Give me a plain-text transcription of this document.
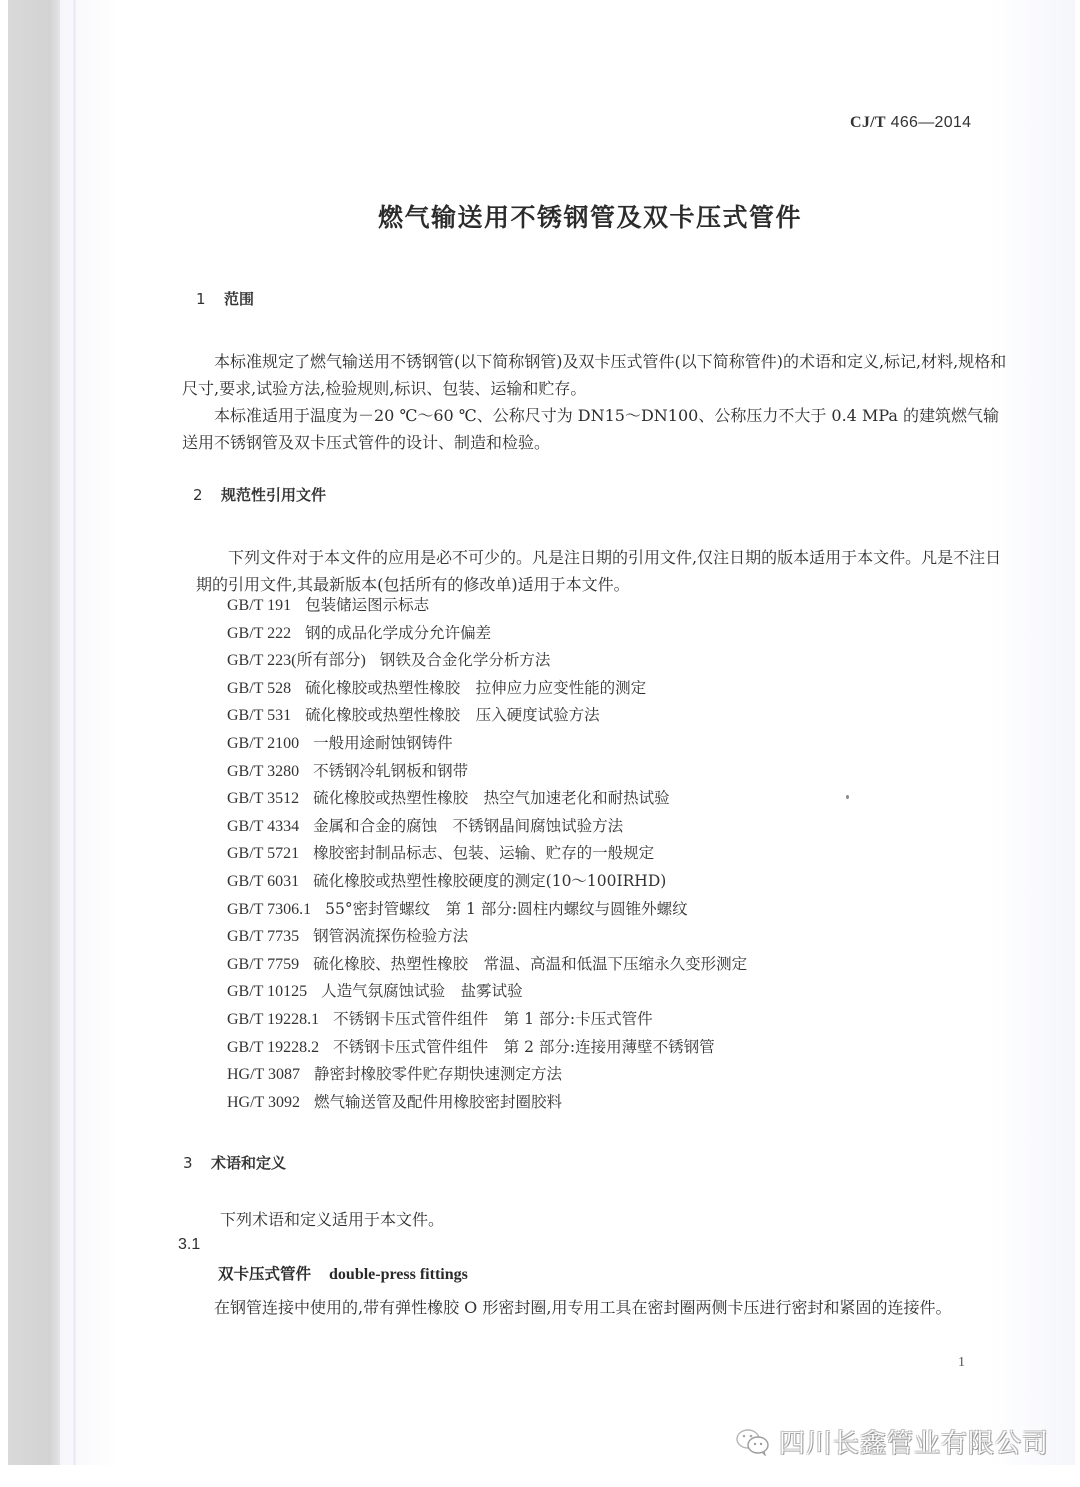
CJ/T 466—2014
燃气输送用不锈钢管及双卡压式管件
1 范围

本标准规定了燃气输送用不锈钢管(以下简称钢管)及双卡压式管件(以下简称管件)的术语和定义,标记,材料,规格和尺寸,要求,试验方法,检验规则,标识、包装、运输和贮存。

本标准适用于温度为－20 ℃～60 ℃、公称尺寸为 DN15～DN100、公称压力不大于 0.4 MPa 的建筑燃气输送用不锈钢管及双卡压式管件的设计、制造和检验。

2 规范性引用文件

下列文件对于本文件的应用是必不可少的。凡是注日期的引用文件,仅注日期的版本适用于本文件。凡是不注日期的引用文件,其最新版本(包括所有的修改单)适用于本文件。

GB/T 191 包装储运图示标志
GB/T 222 钢的成品化学成分允许偏差
GB/T 223(所有部分) 钢铁及合金化学分析方法
GB/T 528 硫化橡胶或热塑性橡胶　拉伸应力应变性能的测定
GB/T 531 硫化橡胶或热塑性橡胶　压入硬度试验方法
GB/T 2100 一般用途耐蚀钢铸件
GB/T 3280 不锈钢冷轧钢板和钢带
GB/T 3512 硫化橡胶或热塑性橡胶　热空气加速老化和耐热试验
GB/T 4334 金属和合金的腐蚀　不锈钢晶间腐蚀试验方法
GB/T 5721 橡胶密封制品标志、包装、运输、贮存的一般规定
GB/T 6031 硫化橡胶或热塑性橡胶硬度的测定(10～100IRHD)
GB/T 7306.1 55°密封管螺纹　第 1 部分:圆柱内螺纹与圆锥外螺纹
GB/T 7735 钢管涡流探伤检验方法
GB/T 7759 硫化橡胶、热塑性橡胶　常温、高温和低温下压缩永久变形测定
GB/T 10125 人造气氛腐蚀试验　盐雾试验
GB/T 19228.1 不锈钢卡压式管件组件　第 1 部分:卡压式管件
GB/T 19228.2 不锈钢卡压式管件组件　第 2 部分:连接用薄壁不锈钢管
HG/T 3087 静密封橡胶零件贮存期快速测定方法
HG/T 3092 燃气输送管及配件用橡胶密封圈胶料
3 术语和定义

下列术语和定义适用于本文件。

3.1
双卡压式管件 double-press fittings

在钢管连接中使用的,带有弹性橡胶 O 形密封圈,用专用工具在密封圈两侧卡压进行密封和紧固的连接件。

1
四川长鑫管业有限公司
